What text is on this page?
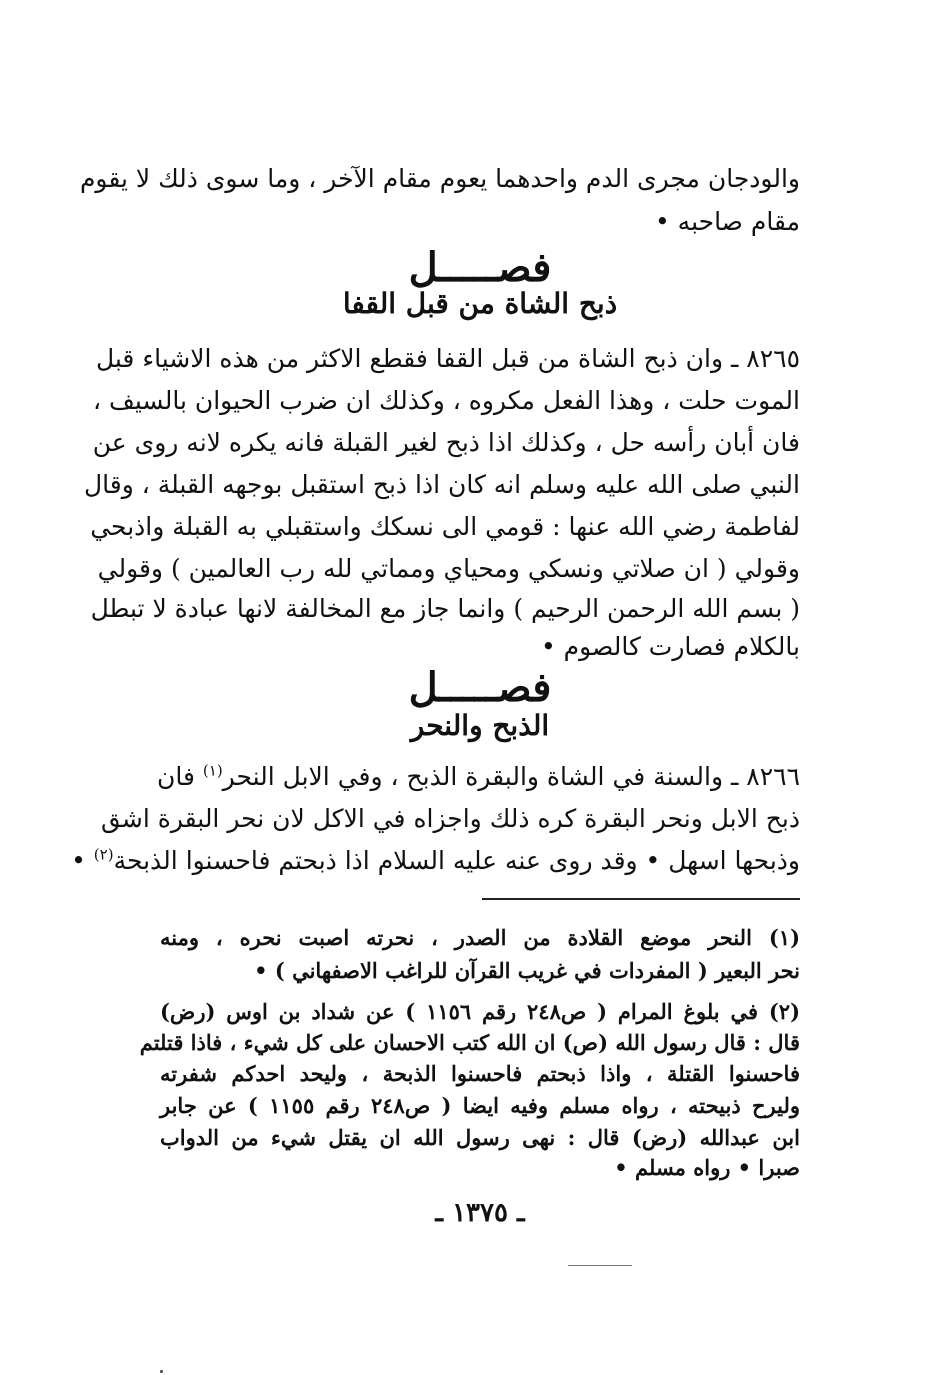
والودجان مجرى الدم واحدهما يعوم مقام الآخر ، وما سوى ذلك لا يقوم
مقام صاحبه •
فصـــــل
ذبح الشاة من قبل القفا
٨٢٦٥ ـ وان ذبح الشاة من قبل القفا فقطع الاكثر من هذه الاشياء قبل
الموت حلت ، وهذا الفعل مكروه ، وكذلك ان ضرب الحيوان بالسيف ،
فان أبان رأسه حل ، وكذلك اذا ذبح لغير القبلة فانه يكره لانه روى عن
النبي صلى الله عليه وسلم انه كان اذا ذبح استقبل بوجهه القبلة ، وقال
لفاطمة رضي الله عنها : قومي الى نسكك واستقبلي به القبلة واذبحي
وقولي ( ان صلاتي ونسكي ومحياي ومماتي لله رب العالمين ) وقولي
( بسم الله الرحمن الرحيم ) وانما جاز مع المخالفة لانها عبادة لا تبطل
بالكلام فصارت كالصوم •
فصـــــل
الذبح والنحر
٨٢٦٦ ـ والسنة في الشاة والبقرة الذبح ، وفي الابل النحر$^{(١)}$ فان
ذبح الابل ونحر البقرة كره ذلك واجزاه في الاكل لان نحر البقرة اشق
وذبحها اسهل • وقد روى عنه عليه السلام اذا ذبحتم فاحسنوا الذبحة$^{(٢)}$ •
(١) النحر موضع القلادة من الصدر ، نحرته اصبت نحره ، ومنه
نحر البعير ( المفردات في غريب القرآن للراغب الاصفهاني ) •
(٢) في بلوغ المرام ( ص٢٤٨ رقم ١١٥٦ ) عن شداد بن اوس (رض)
قال : قال رسول الله (ص) ان الله كتب الاحسان على كل شيء ، فاذا قتلتم
فاحسنوا القتلة ، واذا ذبحتم فاحسنوا الذبحة ، وليحد احدكم شفرته
وليرح ذبيحته ، رواه مسلم وفيه ايضا ( ص٢٤٨ رقم ١١٥٥ ) عن جابر
ابن عبدالله (رض) قال : نهى رسول الله ان يقتل شيء من الدواب
صبرا • رواه مسلم •
ـ ١٣٧٥ ـ
